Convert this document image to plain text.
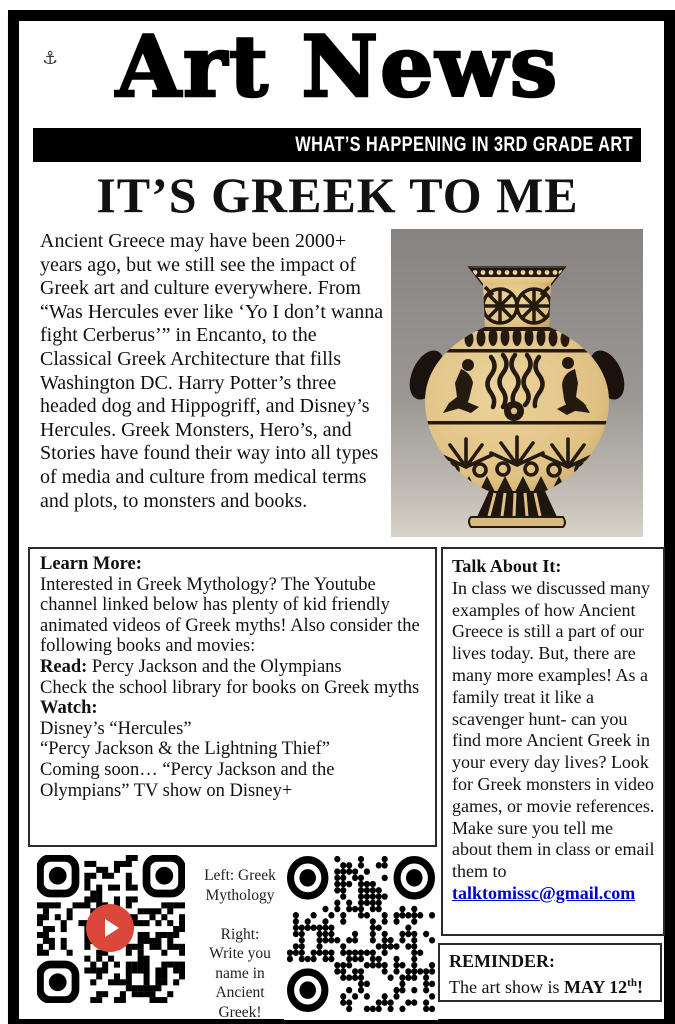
⚓ Art News
WHAT’S HAPPENING IN 3RD GRADE ART
IT’S GREEK TO ME
Ancient Greece may have been 2000+ years ago, but we still see the impact of Greek art and culture everywhere. From “Was Hercules ever like ‘Yo I don’t wanna fight Cerberus’” in Encanto, to the Classical Greek Architecture that fills Washington DC. Harry Potter’s three headed dog and Hippogriff, and Disney’s Hercules. Greek Monsters, Hero’s, and Stories have found their way into all types of media and culture from medical terms and plots, to monsters and books.
Learn More:
Interested in Greek Mythology? The Youtube channel linked below has plenty of kid friendly animated videos of Greek myths! Also consider the following books and movies:
Read: Percy Jackson and the Olympians
Check the school library for books on Greek myths
Watch:
Disney’s “Hercules”
“Percy Jackson & the Lightning Thief”
Coming soon… “Percy Jackson and the Olympians” TV show on Disney+
Talk About It:
In class we discussed many examples of how Ancient Greece is still a part of our lives today. But, there are many more examples! As a family treat it like a scavenger hunt- can you find more Ancient Greek in your every day lives? Look for Greek monsters in video games, or movie references. Make sure you tell me about them in class or email them to talktomissc@gmail.com
Left: Greek
Mythology
Right:
Write you
name in
Ancient
Greek!
REMINDER:
The art show is MAY 12th!
